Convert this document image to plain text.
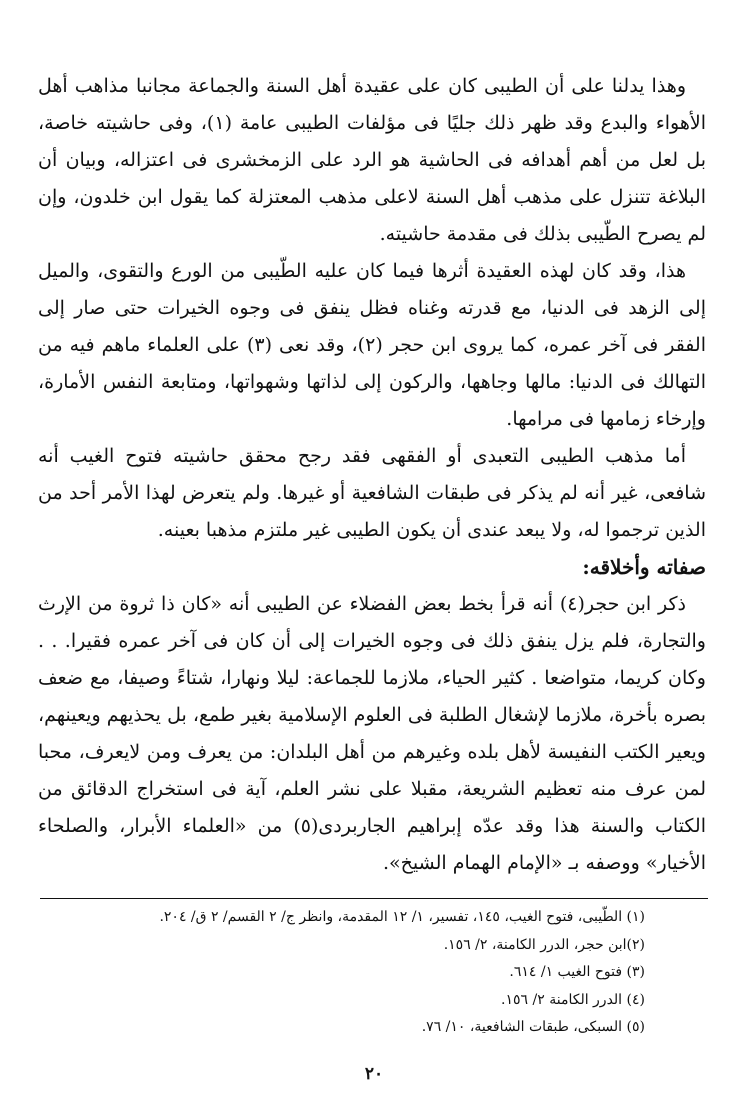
وهذا يدلنا على أن الطيبى كان على عقيدة أهل السنة والجماعة مجانبا مذاهب أهل الأهواء والبدع وقد ظهر ذلك جليًا فى مؤلفات الطيبى عامة (١)، وفى حاشيته خاصة، بل لعل من أهم أهدافه فى الحاشية هو الرد على الزمخشرى فى اعتزاله، وبيان أن البلاغة تتنزل على مذهب أهل السنة لاعلى مذهب المعتزلة كما يقول ابن خلدون، وإن لم يصرح الطّيبى بذلك فى مقدمة حاشيته.

هذا، وقد كان لهذه العقيدة أثرها فيما كان عليه الطّيبى من الورع والتقوى، والميل إلى الزهد فى الدنيا، مع قدرته وغناه فظل ينفق فى وجوه الخيرات حتى صار إلى الفقر فى آخر عمره، كما يروى ابن حجر (٢)، وقد نعى (٣) على العلماء ماهم فيه من التهالك فى الدنيا: مالها وجاهها، والركون إلى لذاتها وشهواتها، ومتابعة النفس الأمارة، وإرخاء زمامها فى مرامها.

أما مذهب الطيبى التعبدى أو الفقهى فقد رجح محقق حاشيته فتوح الغيب أنه شافعى، غير أنه لم يذكر فى طبقات الشافعية أو غيرها. ولم يتعرض لهذا الأمر أحد من الذين ترجموا له، ولا يبعد عندى أن يكون الطيبى غير ملتزم مذهبا بعينه.

صفاته وأخلاقه:

ذكر ابن حجر(٤) أنه قرأ بخط بعض الفضلاء عن الطيبى أنه «كان ذا ثروة من الإرث والتجارة، فلم يزل ينفق ذلك فى وجوه الخيرات إلى أن كان فى آخر عمره فقيرا. . . وكان كريما، متواضعا . كثير الحياء، ملازما للجماعة: ليلا ونهارا، شتاءً وصيفا، مع ضعف بصره بأخرة، ملازما لإشغال الطلبة فى العلوم الإسلامية بغير طمع، بل يحذيهم ويعينهم، ويعير الكتب النفيسة لأهل بلده وغيرهم من أهل البلدان: من يعرف ومن لايعرف، محبا لمن عرف منه تعظيم الشريعة، مقبلا على نشر العلم، آية فى استخراج الدقائق من الكتاب والسنة هذا وقد عدّه إبراهيم الجاربردى(٥) من «العلماء الأبرار، والصلحاء الأخيار» ووصفه بـ «الإمام الهمام الشيخ».

(١) الطّيبى، فتوح الغيب، ١٤٥، تفسير، ١/ ١٢ المقدمة، وانظر ج/ ٢ القسم/ ٢ ق/ ٢٠٤.
(٢)ابن حجر، الدرر الكامنة، ٢/ ١٥٦.
(٣) فتوح الغيب ١/ ٦١٤.
(٤) الدرر الكامنة ٢/ ١٥٦.
(٥) السبكى، طبقات الشافعية، ١٠/ ٧٦.
٢٠
